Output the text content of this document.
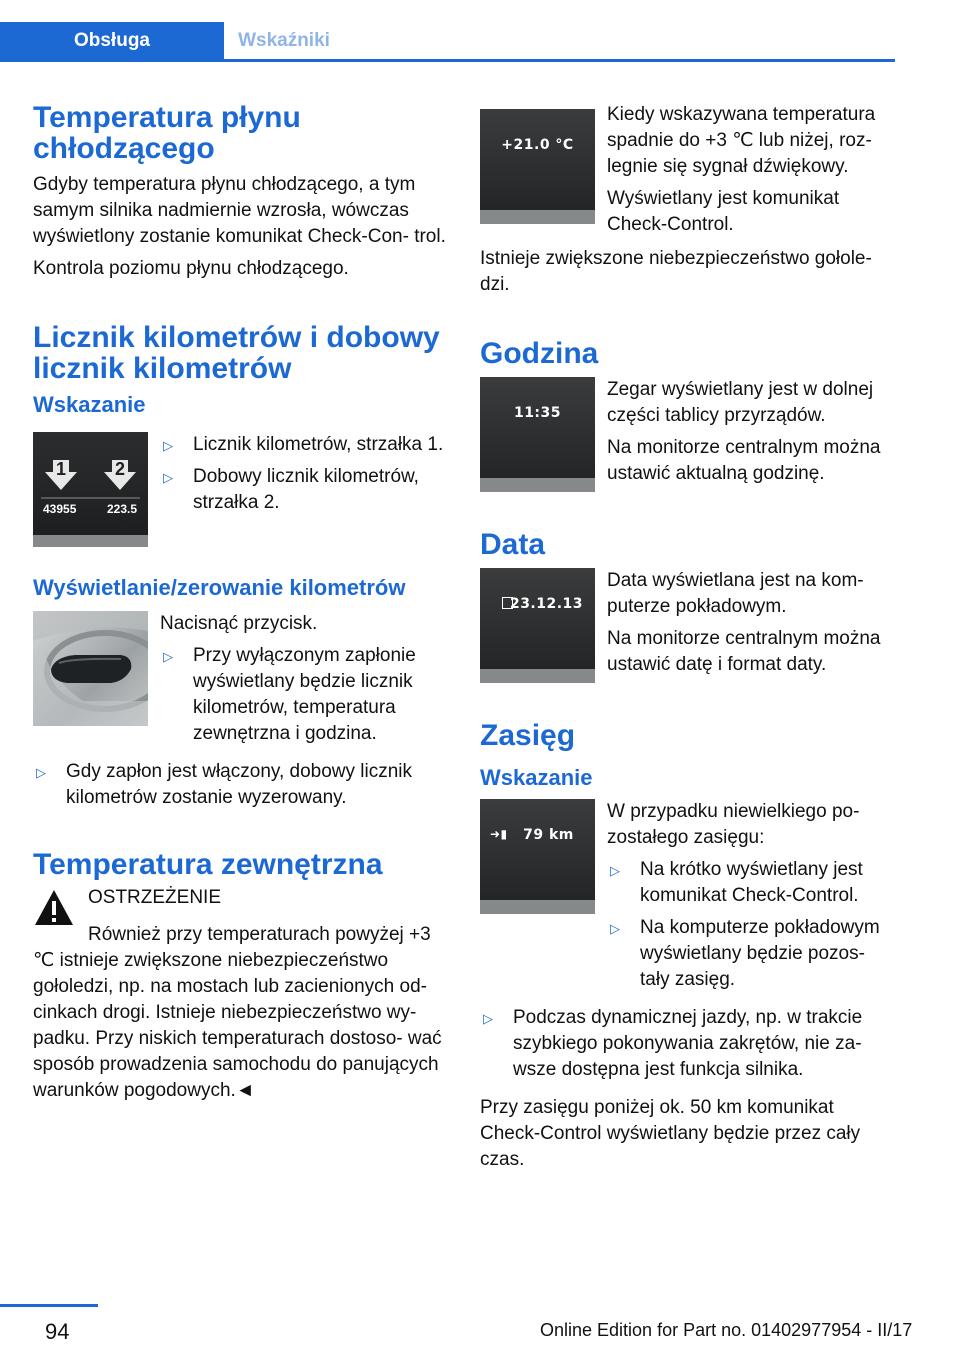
Obsługa	Wskaźniki
Temperatura płynu chłodzącego

Gdyby temperatura płynu chłodzącego, a tym samym silnika nadmiernie wzrosła, wówczas wyświetlony zostanie komunikat Check-Con‐ trol.

Kontrola poziomu płynu chłodzącego.

Licznik kilometrów i dobowy licznik kilometrów
Wskazanie
1	2
43955	223.5
▷ Licznik kilometrów, strzałka 1.
▷ Dobowy licznik kilometrów, strzałka 2.
Wyświetlanie/zerowanie kilometrów

Nacisnąć przycisk.

▷ Przy wyłączonym zapłonie wyświetlany będzie licznik kilometrów, temperatura zewnętrzna i godzina.
▷ Gdy zapłon jest włączony, dobowy licznik kilometrów zostanie wyzerowany.
Temperatura zewnętrzna

OSTRZEŻENIE

Również przy temperaturach powyżej +3 ℃ istnieje zwiększone niebezpieczeństwo gołoledzi, np. na mostach lub zacienionych od‐ cinkach drogi. Istnieje niebezpieczeństwo wy‐ padku. Przy niskich temperaturach dostoso‐ wać sposób prowadzenia samochodu do panujących warunków pogodowych.◄

+21.0 °C

Kiedy wskazywana temperatura spadnie do +3 ℃ lub niżej, roz‐ legnie się sygnał dźwiękowy.

Wyświetlany jest komunikat Check-Control.

Istnieje zwiększone niebezpieczeństwo gołole‐ dzi.

Godzina
11:35

Zegar wyświetlany jest w dolnej części tablicy przyrządów.

Na monitorze centralnym można ustawić aktualną godzinę.

Data
23.12.13

Data wyświetlana jest na kom‐ puterze pokładowym.

Na monitorze centralnym można ustawić datę i format daty.

Zasięg
Wskazanie
➜▮ 79 km

W przypadku niewielkiego po‐ zostałego zasięgu:

▷ Na krótko wyświetlany jest komunikat Check-Control.
▷ Na komputerze pokładowym wyświetlany będzie pozos‐ tały zasięg.
▷ Podczas dynamicznej jazdy, np. w trakcie szybkiego pokonywania zakrętów, nie za‐ wsze dostępna jest funkcja silnika.

Przy zasięgu poniżej ok. 50 km komunikat Check-Control wyświetlany będzie przez cały czas.

94	Online Edition for Part no. 01402977954 - II/17
